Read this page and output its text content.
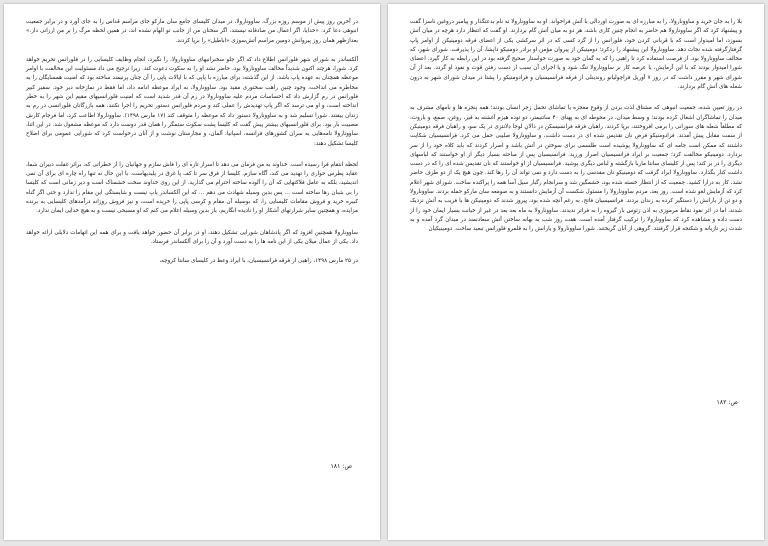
در آخرین روز پیش از موسم روزه بزرگ، ساوونارولا، در میدان کلیسای جامع سان مارکو جای مراسم قداس را به جای آورد و در برابر جمعیت انبوهی دعا کرد: «خدایا، اگر اعمال من صادقانه نیستند، اگر سخنان من از جانب تو الهام نشده اند، در همین لحظه مرگ را بر من ارزانی دار.» بعدازظهر همان روز پیروانش دومین مراسم آتش‌سوزی «اباطیل» را برپا کردند.

آلکساندر به شورای شهر فلورانس اطلاع داد که اگر جلو سخنرانیهای ساوونارولا، را نگیرد، انجام وظایف کلیسایی را در فلورانس تحریم خواهد کرد. شورا، هرچند اکنون شدیداً مخالف ساوونارولا بود، حاضر نشد او را به سکوت دعوت کند. زیرا ترجیح می داد مسئولیت این مخالفت با اوامر موعظه همچنان به عهده پاپ باشد. از این گذشته، برای مبارزه با پاپی که با ایالات پاپی را آن چنان پرنیمند ساخته بود که امنیت همسایگان را به مخاطره می انداخت، وجود چنین راهب سخنوری مفید بود. ساوونارولا، به ایراد موعظه ادامه داد، اما فقط در نمازخانه دیر خود. سفیر کبیر فلورانس در رم گزارش داد که احساسات مردم علیه ساوونارولا در رم آن قدر شدید است که امنیت فلورانسیهای مقیم این شهر را به خطر انداخته است، و او می ترسد که اگر پاپ تهدیدش را عملی کند و مردم فلورانس دستور تحریم را اجرا نکنند، همه بازرگانان فلورانسی در رم به زندان بیفتند. شورا تسلیم شد و به ساوونارولا دستور داد که موعظه را متوقف کند (۱۷ مارس ۱۴۹۸). ساوونارولا اطاعت کرد، اما فرجام کارش مصیبت بار بود. برای فلورانسیهای بیشتر پیش گفت که کلیسا پشت سکوت ستمگر را همان قدر دوست دارد که موعظه مشغول شد. در این اثنا، ساوونارولا نامه‌هایی به سران کشورهای فرانسه، اسپانیا، آلمان، و مجارستان نوشت و از آنان درخواست کرد که شورایی عمومی برای اصلاح کلیسا تشکیل دهند:

لحظه انتقام فرا رسیده است. خداوند به من فرمان می دهد تا اسرار تازه ای را فاش سازم و جهانیان را از خطراتی که، براثر غفلت دبیران شما، عقاید پطرس حواری را تهدید می کند، آگاه سازم. کلیسا از فرق سر تا کف پا غرق در پلیدیهاست. با این حال نه تنها راه چاره ای برای آن نمی اندیشید، بلکه به عامل فلاکتهایی که آن را آلوده ساخته احترام می گذارید. از این روی خداوند سخت خشمناک است و دیر زمانی است که کلیسا را بی شبان رها ساخته است ... پس بدین وسیله شهادت می دهم ... که این آلکساندر پاپ نیست و شایستگی این مقام را ندارد و حتی اگر گناه کبیره خرید و فروش مقامات کلیسایی را، که بوسیله آن مقام و کرسی پاپی را خریده است، و نیز فروش روزانه درآمدهای کلیسایی به برنده مزایده، و همچنین سایر شرارتهای آشکار او را نادیده انگاریم، باز بدین وسیله اعلام می کنم که او مسیحی نیست و به هیچ خدایی ایمان ندارد.

ساوونارولا همچنین افزود که اگر پادشاهان شورایی تشکیل دهند، او در برابر آن حضور خواهد یافت و برای همه این اتهامات دلایلی ارائه خواهد داد. یکی از عمال میلان یکی از این نامه ها را به دست آورد و آن را برای آلکساندر فرستاد.

در ۲۵ مارس ۱۴۹۸، راهبی از فرقه فرانسیسیان، با ایراد وعظ در کلیسای سانتا کروچه،

ص: ۱۸۱

بلا را به جان خرید و ساوونارولا، را به مبارزه ای به صورت اوردالی با آتش فراخواند. او به ساوونارولا نه نام بدعتگذار و پیامبر دروغین ناسزا گفت و پیشنهاد کرد که اگر ساوونارولا هم حاضر به انجام چنین کاری باشد، هر دو به میان آتش گام بردارند. او گفت که انتظار دارد هرچه در میان آتش بسوزد، اما امیدوار است که با قربانی کردن خود، فلورانس را از گرد کسی که در اثر سرکشی یکی از اعضای فرقه دومینیکن از اوامر پاپ گرفتارگرفته شده نجات دهد. ساوونارولا این پیشنهاد را ردکرد؛ دومینیکن از پیروان مؤمن او برادر دومنیکو داپشا، آن را پذیرفت. شورای شهر، که مخالف ساوونارولا بود، از فرصت استفاده کرد تا راهبی را که به گمان خود به صورت خواستار صحیح گرفته بود در این رابطه به کار گیرد. اعضای شورا امیدوار بودند که با این آزمایش، یا عرصه کار بر ساوونارولا تنگ شود و یا اجرای آن سبب از دست رفتن قوت و نفوذ او گردد. بعد از آن شورای شهر و مقرر داشت که در روز ۷ آوریل فراچولیانو روندینلی از فرقه فرانسیسیان و فرادومنیکو را پشتا در میدان شورای شهر به درون شعله های آتش گام بردارند.

در روز تعیین شده، جمعیت انبوهی که مشتاق لذت بردن از وقوع معجزه یا تماشای تحمل زجر انسان بودند؛ همه پنجره ها و بامهای مشرف به میدان را تماشاگران اشغال کرده بودند؛ و وسط میدان، در محوطه ای به پهنای ۴۰ سانتیمتر، دو توده هیزم آغشته به قیر، روغن، صمغ، و باروت، که مطلقاً شعله های سوزانی را برمی افروختند، برپا کردند. راهبان فرقه فرانسیسکن در دالانِ لوجا دِلانتزی در یک سو، و راهبان فرقه دومینیکن از سمت مقابل پیش آمدند. فرادومنیکو فرض نان تقدیس شده ای در دست داشت، و ساوونارولا صلیبی حمل می کرد. فرانسیسیان شکایت داشتند که ممکن است جامه ای که ساوونارولا پوشیده است طلسمی برای سوختن در آتش باشد و اصرار کردند که باید کلاه خود را از سر بردارد. دومینیکو مخالفت کرد؛ جمعیت بر ایراد فرانسیسیان اصرار ورزید. فرانسیسیان پس از مباحثه بسیار دیگر از او خواستند که لباسهای دیگری را در بر کند؛ پس از کلیسای سانتا ماریا بازگشته و لباس دیگری پوشید. فرانسیسیان از او خواستند که نان تقدیس شده ای را که در دست داشت کنار بگذارد. ساوونارولا ایراد گرفت که دومینیکو نان مقدسی را به دست دارد و نمی تواند آن را رها کند. چون هیچ یک از دو طرف حاضر نشد، کار به درازا کشید. جمعیت که از انتظار خسته شده بود، خشمگین شد و سرانجام رگبار سیل آسا همه را پراکنده ساخت. شورای شهر اعلام کرد که آزمایش لغو شده است. روز بعد، مردم ساوونارولا را مسئول شکست آن آزمایش دانستند و به صومعه سان مارکو حمله بردند. ساوونارولا و دو تن از یارانش را دستگیر کرده به زندان بردند. فرانسیسیان فاتح، به رغم آنچه شده بود، پیروز شدند که دومینیکن ها با فریب به آتش نزدیک شدند، اما در اثر نفوذ نقاط مرموزی به اذن زئوس بار گیروه را به فراتر ندیدند. ساوونارولا به ماه بعد بعد در غیر از خیانت بسیار ایمان خود را از دست داده و مشاهده کرد که ساوونارولا را ترکیب گرفتار آمده است. هفت روز شب به بهانه ساختن آتش سعادتمند در میدان گرد آمده و به شدت زیر تازیانه و شکنجه قرار گرفتند. گروهی از آنان گریختند. شورا ساوونارولا و یارانش را به قلمرو فلورانس تبعید ساخت. دومینیکیان

ص: ۱۸۲
